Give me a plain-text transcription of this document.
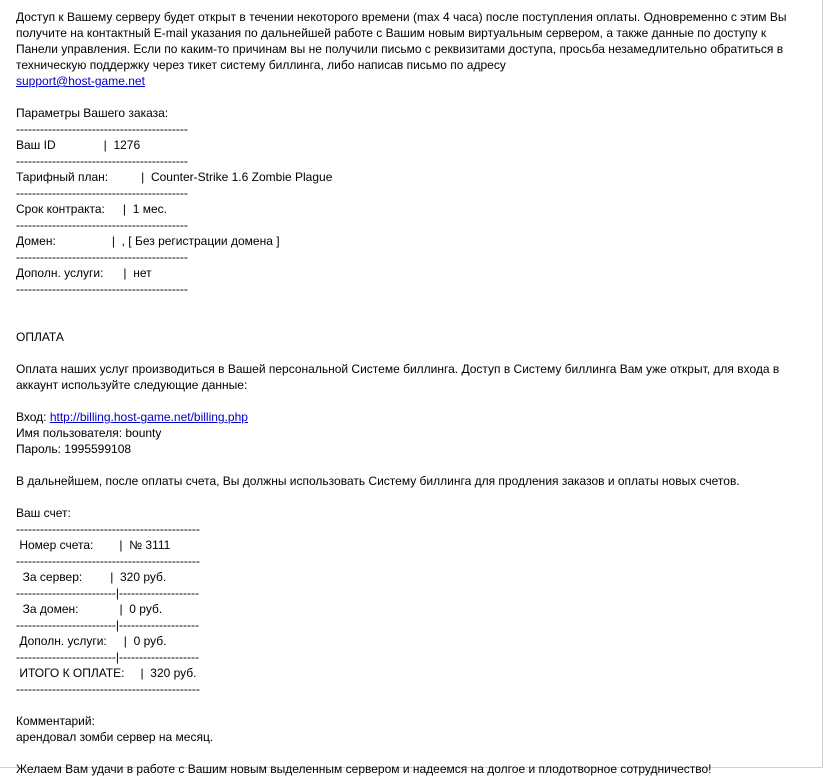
Доступ к Вашему серверу будет открыт в течении некоторого времени (max 4 часа) после поступления оплаты. Одновременно с этим Вы получите на контактный E-mail указания по дальнейшей работе с Вашим новым виртуальным сервером, а также данные по доступу к Панели управления. Если по каким-то причинам вы не получили письмо с реквизитами доступа, просьба незамедлительно обратиться в техническую поддержку через тикет систему биллинга, либо написав письмо по адресу
support@host-game.net

Параметры Вашего заказа:

-------------------------------------------
Ваш ID	|  1276
-------------------------------------------
Тарифный план:	|  Counter-Strike 1.6 Zombie Plague
-------------------------------------------
Срок контракта: |  1 мес.
-------------------------------------------
Домен:	|  , [ Без регистрации домена ]
-------------------------------------------
Дополн. услуги: |  нет
-------------------------------------------

ОПЛАТА

Оплата наших услуг производиться в Вашей персональной Системе биллинга. Доступ в Систему биллинга Вам уже открыт, для входа в аккаунт используйте следующие данные:

Вход: http://billing.host-game.net/billing.php

Имя пользователя: bounty

Пароль: 1995599108

В дальнейшем, после оплаты счета, Вы должны использовать Систему биллинга для продления заказов и оплаты новых счетов.

Ваш счет:

----------------------------------------------
Номер счета: |  № 3111
----------------------------------------------
За сервер: |  320 руб.
-------------------------|--------------------
За домен:	|  0 руб.
-------------------------|--------------------
Дополн. услуги: |  0 руб.
-------------------------|--------------------
ИТОГО К ОПЛАТЕ: |  320 руб.
----------------------------------------------

Комментарий:

арендовал зомби сервер на месяц.

Желаем Вам удачи в работе с Вашим новым выделенным сервером и надеемся на долгое и плодотворное сотрудничество!
